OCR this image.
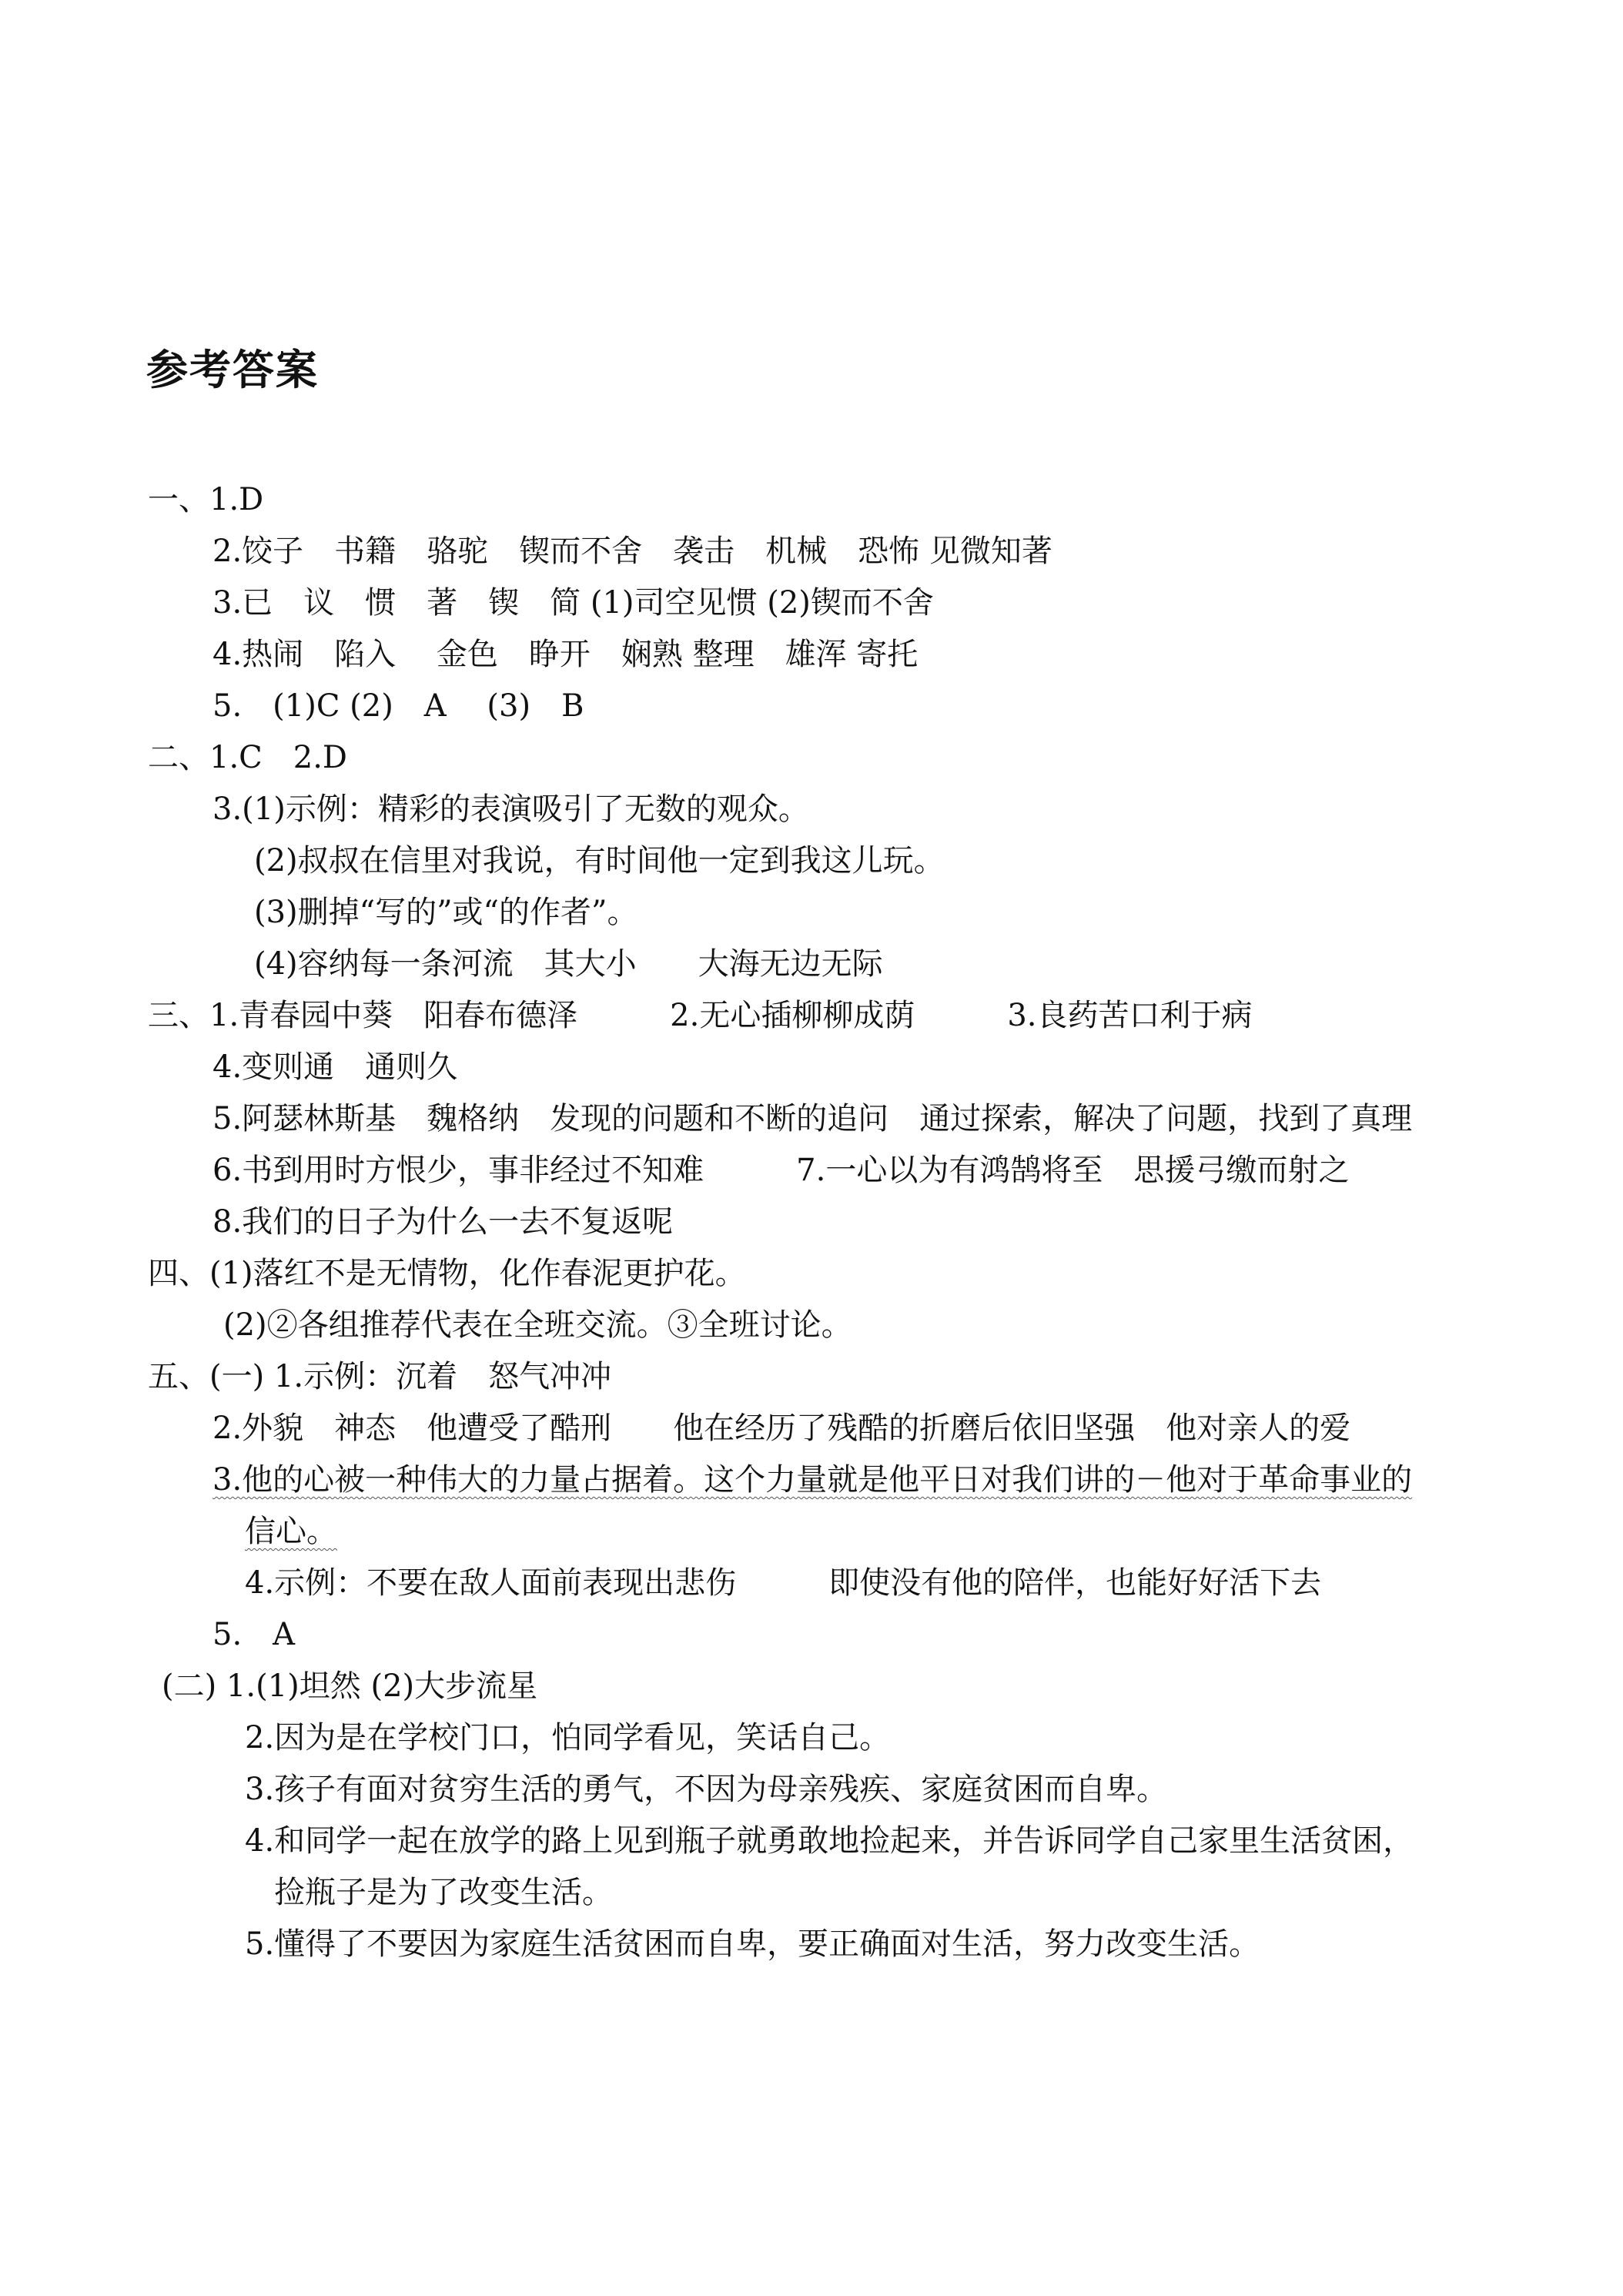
参考答案
一、1.D
2.饺子　书籍　骆驼　锲而不舍　袭击　机械　恐怖 见微知著
3.已　议　惯　著　锲　简 (1)司空见惯 (2)锲而不舍
4.热闹　陷入　 金色　睁开　娴熟 整理　雄浑 寄托
5.　(1)C (2)　A　 (3)　B
二、1.C　2.D
3.(1)示例：精彩的表演吸引了无数的观众。
(2)叔叔在信里对我说，有时间他一定到我这儿玩。
(3)删掉“写的”或“的作者”。
(4)容纳每一条河流　其大小　　大海无边无际
三、1.青春园中葵　阳春布德泽　　　2.无心插柳柳成荫　　　3.良药苦口利于病
4.变则通　通则久
5.阿瑟林斯基　魏格纳　发现的问题和不断的追问　通过探索，解决了问题，找到了真理
6.书到用时方恨少，事非经过不知难　　　7.一心以为有鸿鹄将至　思援弓缴而射之
8.我们的日子为什么一去不复返呢
四、(1)落红不是无情物，化作春泥更护花。
(2)②各组推荐代表在全班交流。③全班讨论。
五、(一) 1.示例：沉着　怒气冲冲
2.外貌　神态　他遭受了酷刑　　他在经历了残酷的折磨后依旧坚强　他对亲人的爱
3.他的心被一种伟大的力量占据着。这个力量就是他平日对我们讲的－他对于革命事业的
信心。
4.示例：不要在敌人面前表现出悲伤　　　即使没有他的陪伴，也能好好活下去
5.　A
(二) 1.(1)坦然 (2)大步流星
2.因为是在学校门口，怕同学看见，笑话自己。
3.孩子有面对贫穷生活的勇气，不因为母亲残疾、家庭贫困而自卑。
4.和同学一起在放学的路上见到瓶子就勇敢地捡起来，并告诉同学自己家里生活贫困，
捡瓶子是为了改变生活。
5.懂得了不要因为家庭生活贫困而自卑，要正确面对生活，努力改变生活。
